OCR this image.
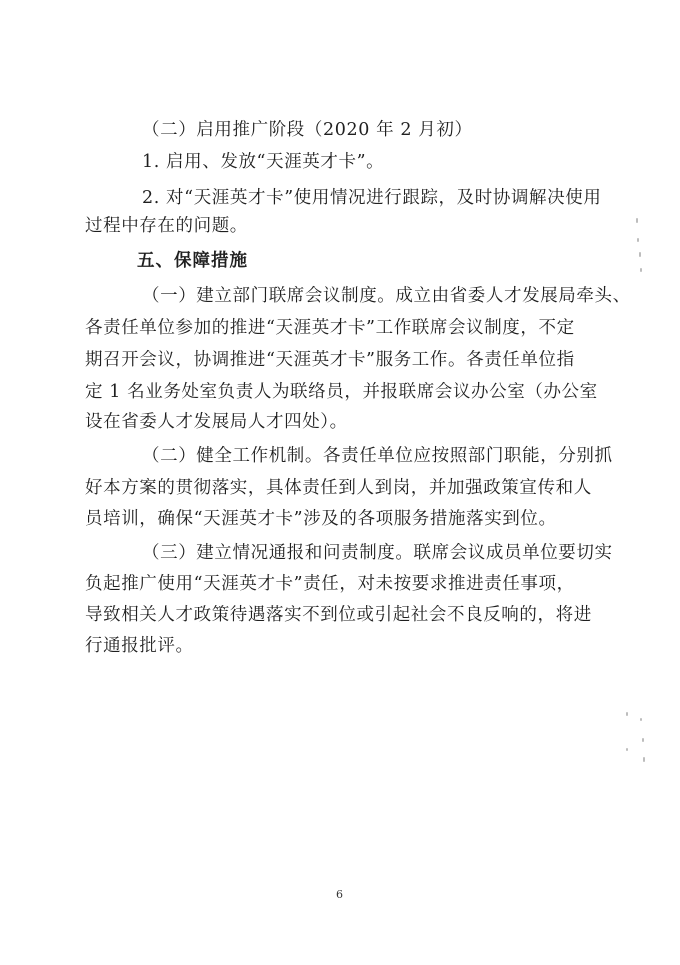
（二）启用推广阶段（2020 年 2 月初）
1. 启用、发放“天涯英才卡”。
2. 对“天涯英才卡”使用情况进行跟踪，及时协调解决使用
过程中存在的问题。
五、保障措施
（一）建立部门联席会议制度。成立由省委人才发展局牵头、
各责任单位参加的推进“天涯英才卡”工作联席会议制度，不定
期召开会议，协调推进“天涯英才卡”服务工作。各责任单位指
定 1 名业务处室负责人为联络员，并报联席会议办公室（办公室
设在省委人才发展局人才四处）。
（二）健全工作机制。各责任单位应按照部门职能，分别抓
好本方案的贯彻落实，具体责任到人到岗，并加强政策宣传和人
员培训，确保“天涯英才卡”涉及的各项服务措施落实到位。
（三）建立情况通报和问责制度。联席会议成员单位要切实
负起推广使用“天涯英才卡”责任，对未按要求推进责任事项，
导致相关人才政策待遇落实不到位或引起社会不良反响的，将进
行通报批评。
6
